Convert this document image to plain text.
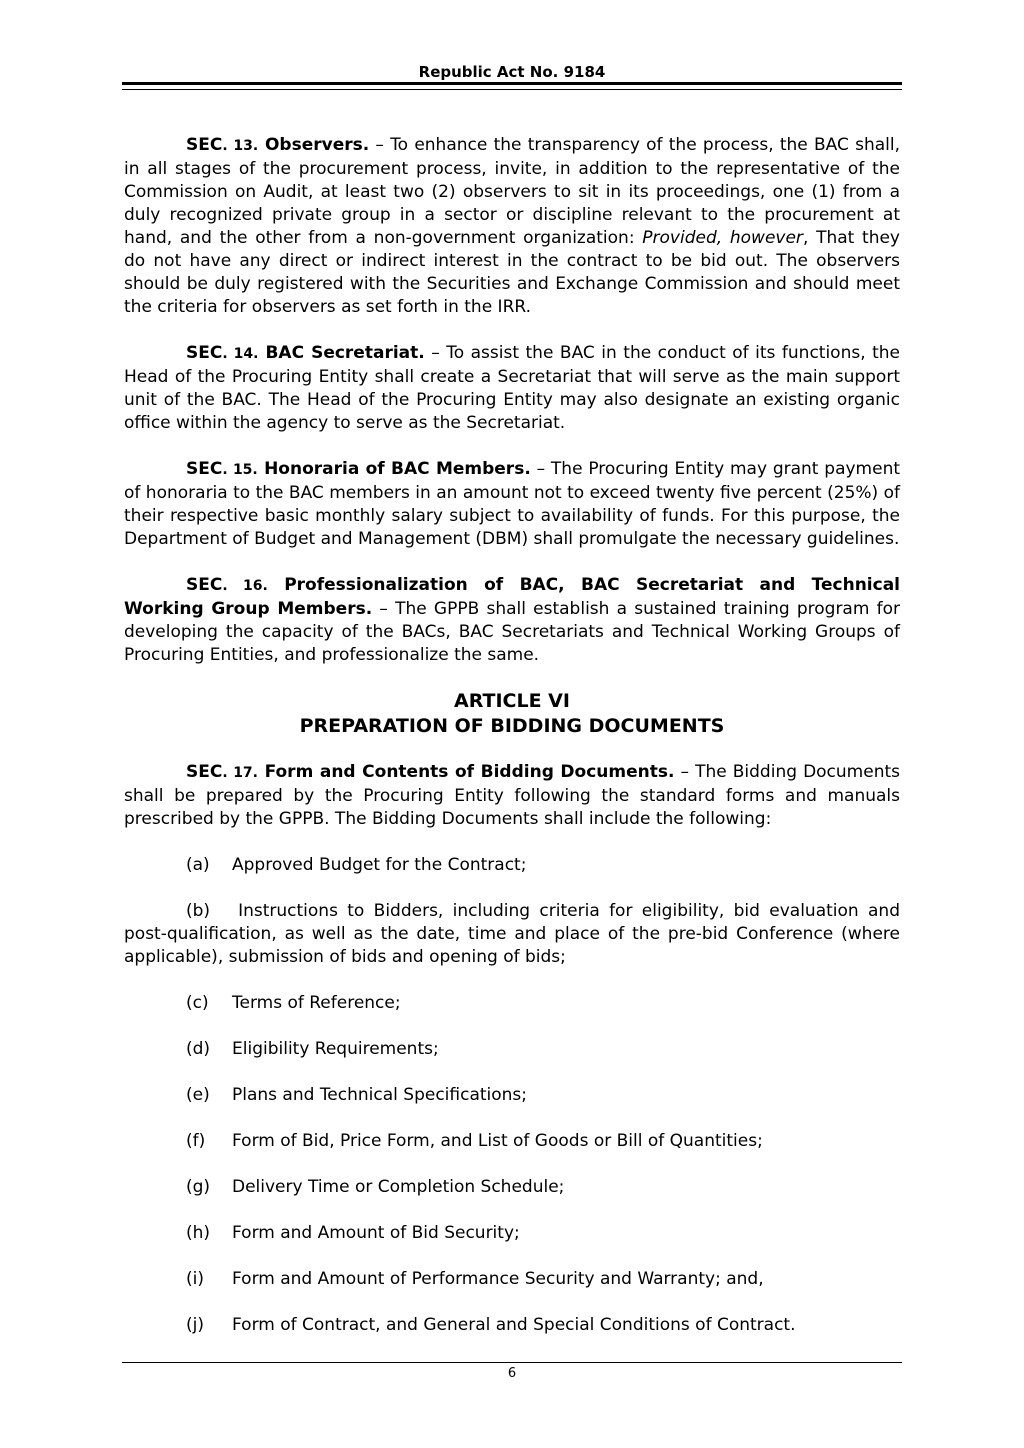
Republic Act No. 9184

SEC. 13. Observers. – To enhance the transparency of the process, the BAC shall, in all stages of the procurement process, invite, in addition to the representative of the Commission on Audit, at least two (2) observers to sit in its proceedings, one (1) from a duly recognized private group in a sector or discipline relevant to the procurement at hand, and the other from a non-government organization: Provided, however, That they do not have any direct or indirect interest in the contract to be bid out. The observers should be duly registered with the Securities and Exchange Commission and should meet the criteria for observers as set forth in the IRR.

SEC. 14. BAC Secretariat. – To assist the BAC in the conduct of its functions, the Head of the Procuring Entity shall create a Secretariat that will serve as the main support unit of the BAC. The Head of the Procuring Entity may also designate an existing organic office within the agency to serve as the Secretariat.

SEC. 15. Honoraria of BAC Members. – The Procuring Entity may grant payment of honoraria to the BAC members in an amount not to exceed twenty five percent (25%) of their respective basic monthly salary subject to availability of funds. For this purpose, the Department of Budget and Management (DBM) shall promulgate the necessary guidelines.

SEC. 16. Professionalization of BAC, BAC Secretariat and Technical Working Group Members. – The GPPB shall establish a sustained training program for developing the capacity of the BACs, BAC Secretariats and Technical Working Groups of Procuring Entities, and professionalize the same.

ARTICLE VI
PREPARATION OF BIDDING DOCUMENTS

SEC. 17. Form and Contents of Bidding Documents. – The Bidding Documents shall be prepared by the Procuring Entity following the standard forms and manuals prescribed by the GPPB. The Bidding Documents shall include the following:

(a) Approved Budget for the Contract;

(b) Instructions to Bidders, including criteria for eligibility, bid evaluation and post-qualification, as well as the date, time and place of the pre-bid Conference (where applicable), submission of bids and opening of bids;

(c) Terms of Reference;

(d) Eligibility Requirements;

(e) Plans and Technical Specifications;

(f) Form of Bid, Price Form, and List of Goods or Bill of Quantities;

(g) Delivery Time or Completion Schedule;

(h) Form and Amount of Bid Security;

(i) Form and Amount of Performance Security and Warranty; and,

(j) Form of Contract, and General and Special Conditions of Contract.

6
